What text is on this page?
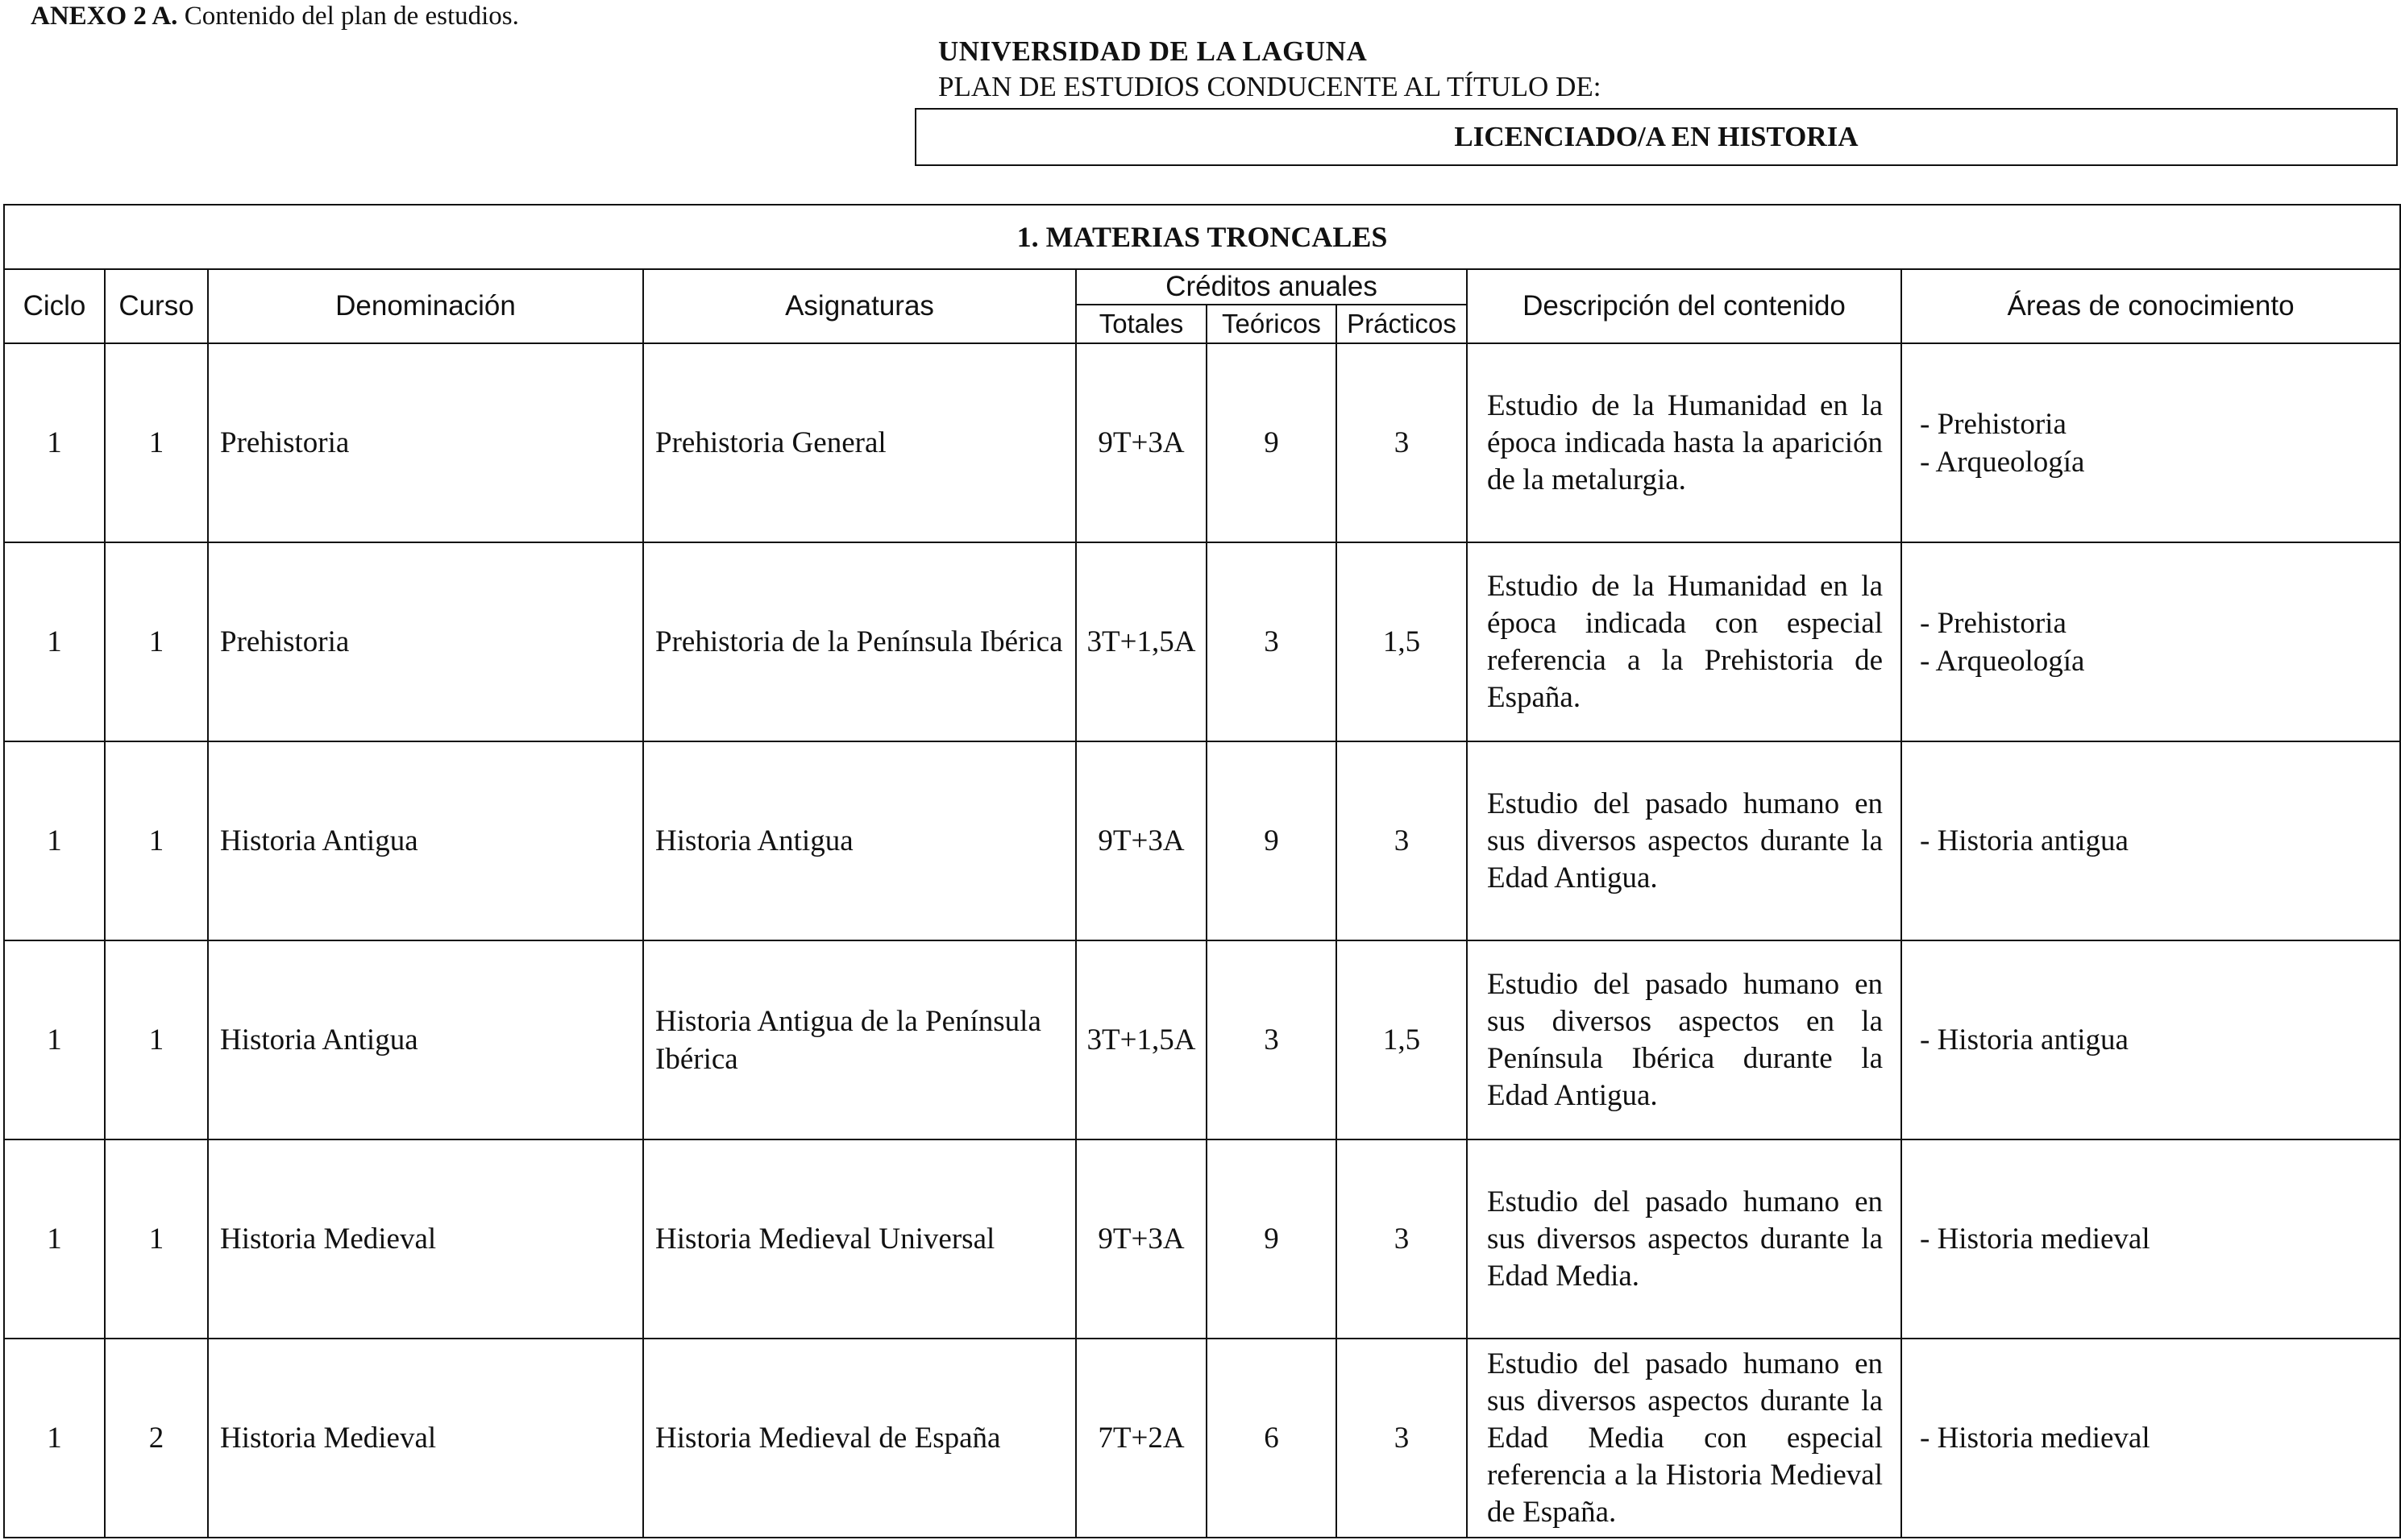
ANEXO 2 A. Contenido del plan de estudios.
UNIVERSIDAD DE LA LAGUNA
PLAN DE ESTUDIOS CONDUCENTE AL TÍTULO DE:
LICENCIADO/A EN HISTORIA
1. MATERIAS TRONCALES								
Ciclo	Curso	Denominación	Asignaturas	Créditos anuales			Descripción del contenido	Áreas de conocimiento
				Totales	Teóricos	Prácticos		
1	1	Prehistoria	Prehistoria General	9T+3A	9	3	Estudio de la Humanidad en la época indicada hasta la aparición de la metalurgia.	- Prehistoria
- Arqueología

1	1	Prehistoria	Prehistoria de la Península Ibérica	3T+1,5A	3	1,5	Estudio de la Humanidad en la época indicada con especial referencia a la Prehistoria de España.	- Prehistoria
- Arqueología

1	1	Historia Antigua	Historia Antigua	9T+3A	9	3	Estudio del pasado humano en sus diversos aspectos durante la Edad Antigua.	- Historia antigua

1	1	Historia Antigua	Historia Antigua de la Península Ibérica	3T+1,5A	3	1,5	Estudio del pasado humano en sus diversos aspectos en la Península Ibérica durante la Edad Antigua.	- Historia antigua

1	1	Historia Medieval	Historia Medieval Universal	9T+3A	9	3	Estudio del pasado humano en sus diversos aspectos durante la Edad Media.	- Historia medieval

1	2	Historia Medieval	Historia Medieval de España	7T+2A	6	3	Estudio del pasado humano en sus diversos aspectos durante la Edad Media con especial referencia a la Historia Medieval de España.	- Historia medieval
